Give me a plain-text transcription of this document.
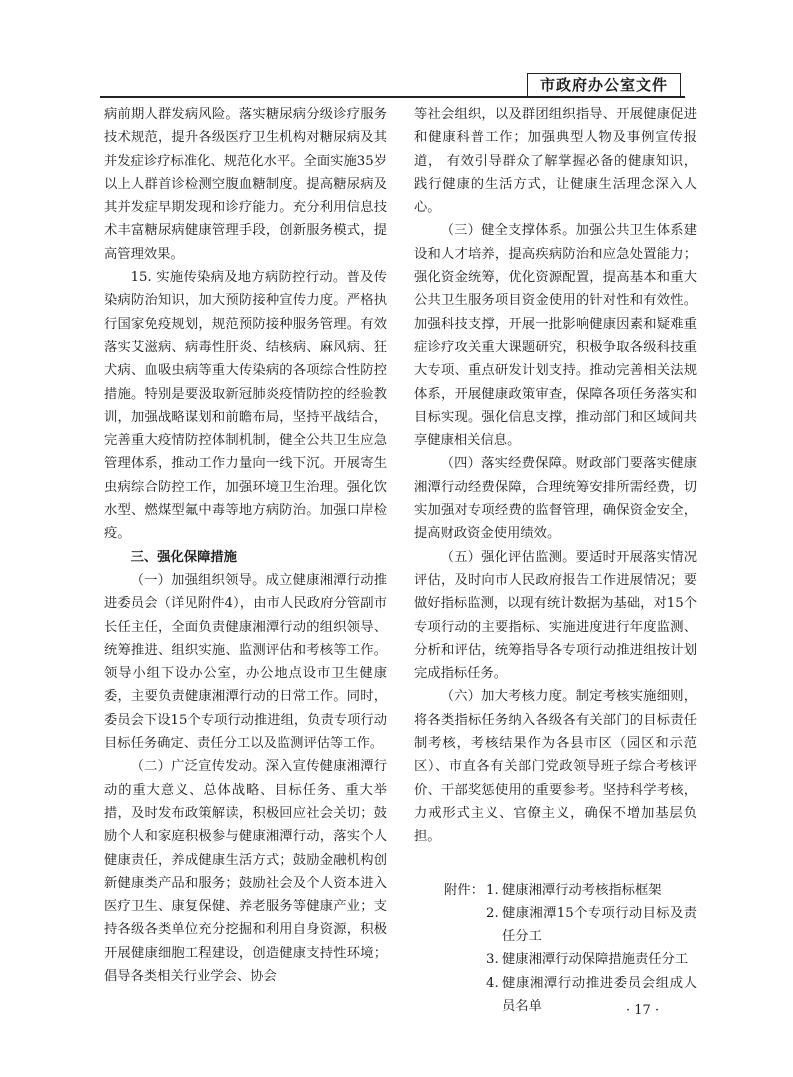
市政府办公室文件

病前期人群发病风险。落实糖尿病分级诊疗服务技术规范，提升各级医疗卫生机构对糖尿病及其并发症诊疗标准化、规范化水平。全面实施35岁以上人群首诊检测空腹血糖制度。提高糖尿病及其并发症早期发现和诊疗能力。充分利用信息技术丰富糖尿病健康管理手段，创新服务模式，提高管理效果。

15. 实施传染病及地方病防控行动。普及传染病防治知识，加大预防接种宣传力度。严格执行国家免疫规划，规范预防接种服务管理。有效落实艾滋病、病毒性肝炎、结核病、麻风病、狂犬病、血吸虫病等重大传染病的各项综合性防控措施。特别是要汲取新冠肺炎疫情防控的经验教训，加强战略谋划和前瞻布局，坚持平战结合，完善重大疫情防控体制机制，健全公共卫生应急管理体系，推动工作力量向一线下沉。开展寄生虫病综合防控工作，加强环境卫生治理。强化饮水型、燃煤型氟中毒等地方病防治。加强口岸检疫。

三、强化保障措施

（一）加强组织领导。成立健康湘潭行动推进委员会（详见附件4），由市人民政府分管副市长任主任，全面负责健康湘潭行动的组织领导、统筹推进、组织实施、监测评估和考核等工作。领导小组下设办公室，办公地点设市卫生健康委，主要负责健康湘潭行动的日常工作。同时，委员会下设15个专项行动推进组，负责专项行动目标任务确定、责任分工以及监测评估等工作。

（二）广泛宣传发动。深入宣传健康湘潭行动的重大意义、总体战略、目标任务、重大举措，及时发布政策解读，积极回应社会关切；鼓励个人和家庭积极参与健康湘潭行动，落实个人健康责任，养成健康生活方式；鼓励金融机构创新健康类产品和服务；鼓励社会及个人资本进入医疗卫生、康复保健、养老服务等健康产业；支持各级各类单位充分挖掘和利用自身资源，积极开展健康细胞工程建设，创造健康支持性环境；倡导各类相关行业学会、协会

等社会组织，以及群团组织指导、开展健康促进和健康科普工作；加强典型人物及事例宣传报道， 有效引导群众了解掌握必备的健康知识，践行健康的生活方式，让健康生活理念深入人心。

（三）健全支撑体系。加强公共卫生体系建设和人才培养，提高疾病防治和应急处置能力；强化资金统筹，优化资源配置，提高基本和重大公共卫生服务项目资金使用的针对性和有效性。加强科技支撑，开展一批影响健康因素和疑难重症诊疗攻关重大课题研究，积极争取各级科技重大专项、重点研发计划支持。推动完善相关法规体系，开展健康政策审查，保障各项任务落实和目标实现。强化信息支撑，推动部门和区域间共享健康相关信息。

（四）落实经费保障。财政部门要落实健康湘潭行动经费保障，合理统筹安排所需经费，切实加强对专项经费的监督管理，确保资金安全，提高财政资金使用绩效。

（五）强化评估监测。要适时开展落实情况评估，及时向市人民政府报告工作进展情况；要做好指标监测，以现有统计数据为基础，对15个专项行动的主要指标、实施进度进行年度监测、分析和评估，统筹指导各专项行动推进组按计划完成指标任务。

（六）加大考核力度。制定考核实施细则，将各类指标任务纳入各级各有关部门的目标责任制考核，考核结果作为各县市区（园区和示范区）、市直各有关部门党政领导班子综合考核评价、干部奖惩使用的重要参考。坚持科学考核，力戒形式主义、官僚主义，确保不增加基层负担。

附件： 1. 健康湘潭行动考核指标框架
2. 健康湘潭15个专项行动目标及责任分工
3. 健康湘潭行动保障措施责任分工
4. 健康湘潭行动推进委员会组成人员名单	· 17 ·
